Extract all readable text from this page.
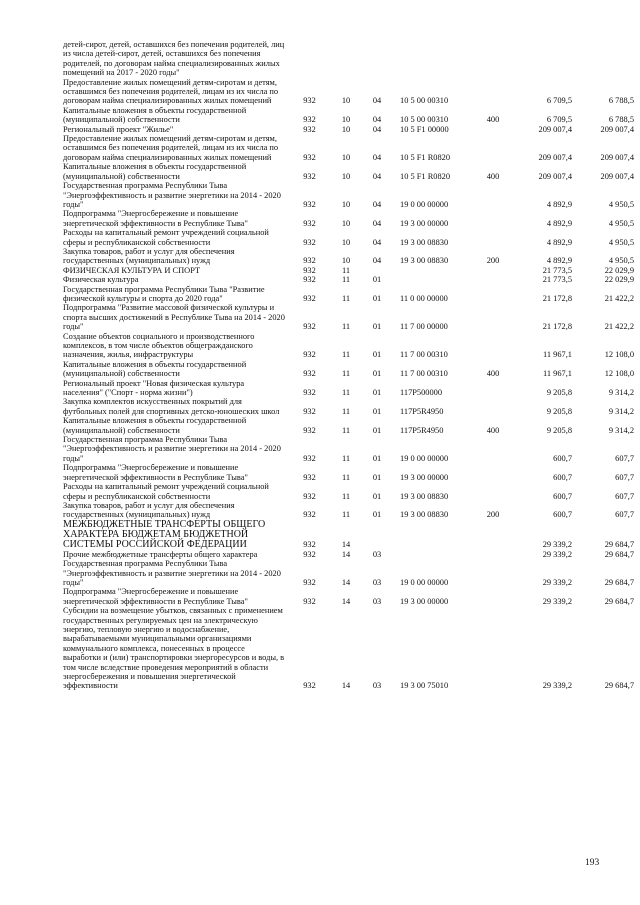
детей-сирот, детей, оставшихся без попечения родителей, лиц из числа детей-сирот, детей, оставшихся без попечения родителей, по договорам найма специализированных жилых помещений на 2017 - 2020 годы"							
Предоставление жилых помещений детям-сиротам и детям, оставшимся без попечения родителей, лицам из их числа по договорам найма специализированных жилых помещений	932	10	04	10 5 00 00310		6 709,5	6 788,5
Капитальные вложения в объекты государственной (муниципальной) собственности	932	10	04	10 5 00 00310	400	6 709,5	6 788,5
Региональный проект "Жилье"	932	10	04	10 5 F1 00000		209 007,4	209 007,4
Предоставление жилых помещений детям-сиротам и детям, оставшимся без попечения родителей, лицам из их числа по договорам найма специализированных жилых помещений	932	10	04	10 5 F1 R0820		209 007,4	209 007,4
Капитальные вложения в объекты государственной (муниципальной) собственности	932	10	04	10 5 F1 R0820	400	209 007,4	209 007,4
Государственная программа Республики Тыва "Энергоэффективность и развитие энергетики на 2014 - 2020 годы"	932	10	04	19 0 00 00000		4 892,9	4 950,5
Подпрограмма "Энергосбережение и повышение энергетической эффективности в Республике Тыва"	932	10	04	19 3 00 00000		4 892,9	4 950,5
Расходы на капитальный ремонт учреждений социальной сферы и республиканской собственности	932	10	04	19 3 00 08830		4 892,9	4 950,5
Закупка товаров, работ и услуг для обеспечения государственных (муниципальных) нужд	932	10	04	19 3 00 08830	200	4 892,9	4 950,5
ФИЗИЧЕСКАЯ КУЛЬТУРА И СПОРТ	932	11				21 773,5	22 029,9
Физическая культура	932	11	01			21 773,5	22 029,9
Государственная программа Республики Тыва "Развитие физической культуры и спорта до 2020 года"	932	11	01	11 0 00 00000		21 172,8	21 422,2
Подпрограмма "Развитие массовой физической культуры и спорта высших достижений в Республике Тыва на 2014 - 2020 годы"	932	11	01	11 7 00 00000		21 172,8	21 422,2
Создание объектов социального и производственного комплексов, в том числе объектов общегражданского назначения, жилья, инфраструктуры	932	11	01	11 7 00 00310		11 967,1	12 108,0
Капитальные вложения в объекты государственной (муниципальной) собственности	932	11	01	11 7 00 00310	400	11 967,1	12 108,0
Региональный проект "Новая физическая культура населения" ("Спорт - норма жизни")	932	11	01	117P500000		9 205,8	9 314,2
Закупка комплектов искусственных покрытий для футбольных полей для спортивных детско-юношеских школ	932	11	01	117P5R4950		9 205,8	9 314,2
Капитальные вложения в объекты государственной (муниципальной) собственности	932	11	01	117P5R4950	400	9 205,8	9 314,2
Государственная программа Республики Тыва "Энергоэффективность и развитие энергетики на 2014 - 2020 годы"	932	11	01	19 0 00 00000		600,7	607,7
Подпрограмма "Энергосбережение и повышение энергетической эффективности в Республике Тыва"	932	11	01	19 3 00 00000		600,7	607,7
Расходы на капитальный ремонт учреждений социальной сферы и республиканской собственности	932	11	01	19 3 00 08830		600,7	607,7
Закупка товаров, работ и услуг для обеспечения государственных (муниципальных) нужд	932	11	01	19 3 00 08830	200	600,7	607,7
МЕЖБЮДЖЕТНЫЕ ТРАНСФЕРТЫ ОБЩЕГО ХАРАКТЕРА БЮДЖЕТАМ БЮДЖЕТНОЙ СИСТЕМЫ РОССИЙСКОЙ ФЕДЕРАЦИИ	932	14				29 339,2	29 684,7
Прочие межбюджетные трансферты общего характера	932	14	03			29 339,2	29 684,7
Государственная программа Республики Тыва "Энергоэффективность и развитие энергетики на 2014 - 2020 годы"	932	14	03	19 0 00 00000		29 339,2	29 684,7
Подпрограмма "Энергосбережение и повышение энергетической эффективности в Республике Тыва"	932	14	03	19 3 00 00000		29 339,2	29 684,7
Субсидии на возмещение убытков, связанных с применением государственных регулируемых цен на электрическую энергию, тепловую энергию и водоснабжение, вырабатываемыми муниципальными организациями коммунального комплекса, понесенных в процессе выработки и (или) транспортировки энергоресурсов и воды, в том числе вследствие проведения мероприятий в области энергосбережения и повышения энергетической эффективности	932	14	03	19 3 00 75010		29 339,2	29 684,7
193
